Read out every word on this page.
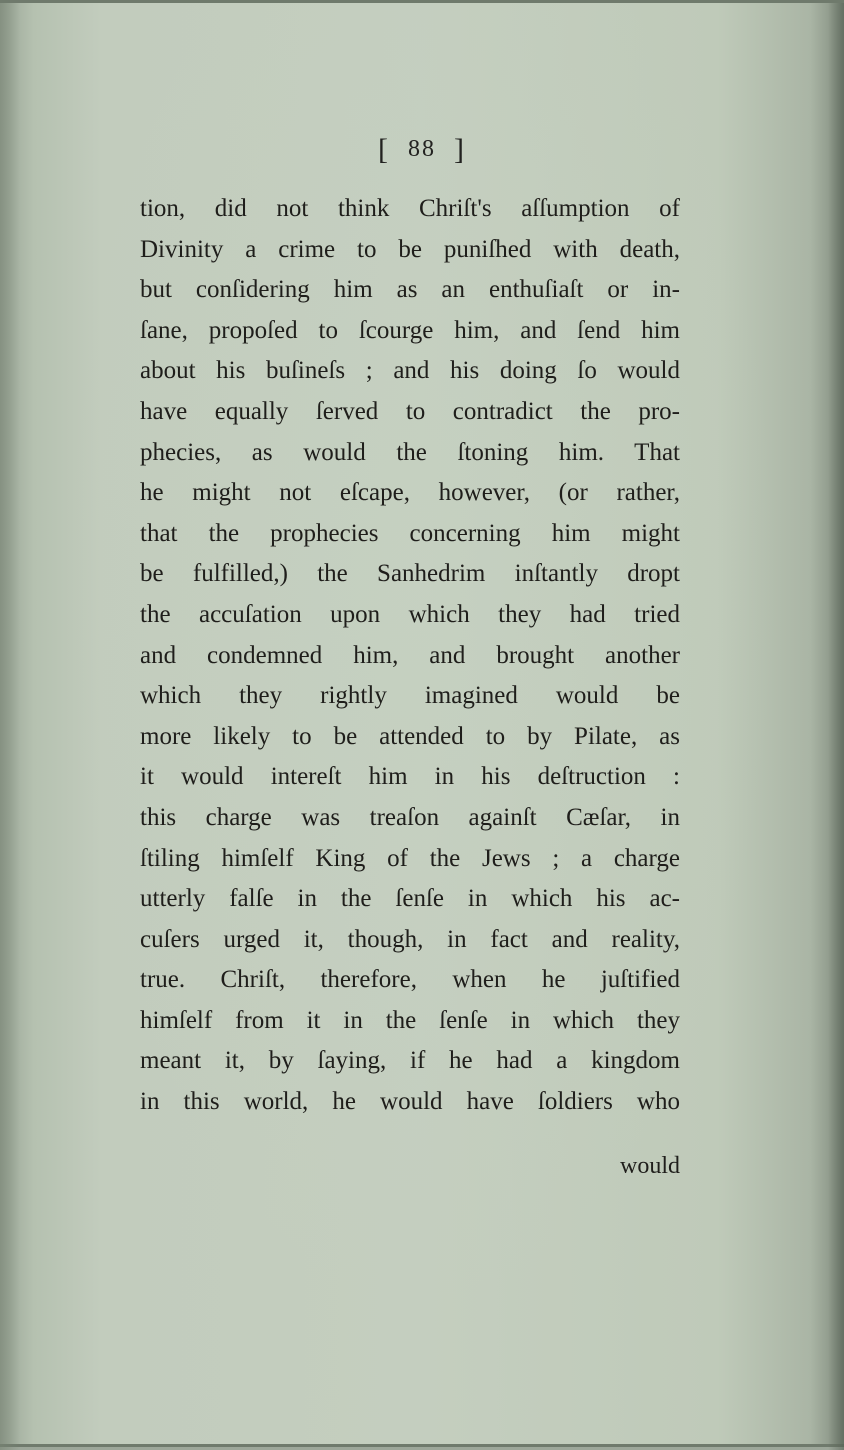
[ 88 ]
tion, did not think Chriſt's aſſumption of
Divinity a crime to be puniſhed with death,
but conſidering him as an enthuſiaſt or in-
ſane, propoſed to ſcourge him, and ſend him
about his buſineſs ; and his doing ſo would
have equally ſerved to contradict the pro-
phecies, as would the ſtoning him. That
he might not eſcape, however, (or rather,
that the prophecies concerning him might
be fulfilled,) the Sanhedrim inſtantly dropt
the accuſation upon which they had tried
and condemned him, and brought another
which they rightly imagined would be
more likely to be attended to by Pilate, as
it would intereſt him in his deſtruction :
this charge was treaſon againſt Cæſar, in
ſtiling himſelf King of the Jews ; a charge
utterly falſe in the ſenſe in which his ac-
cuſers urged it, though, in fact and reality,
true. Chriſt, therefore, when he juſtified
himſelf from it in the ſenſe in which they
meant it, by ſaying, if he had a kingdom
in this world, he would have ſoldiers who
would
